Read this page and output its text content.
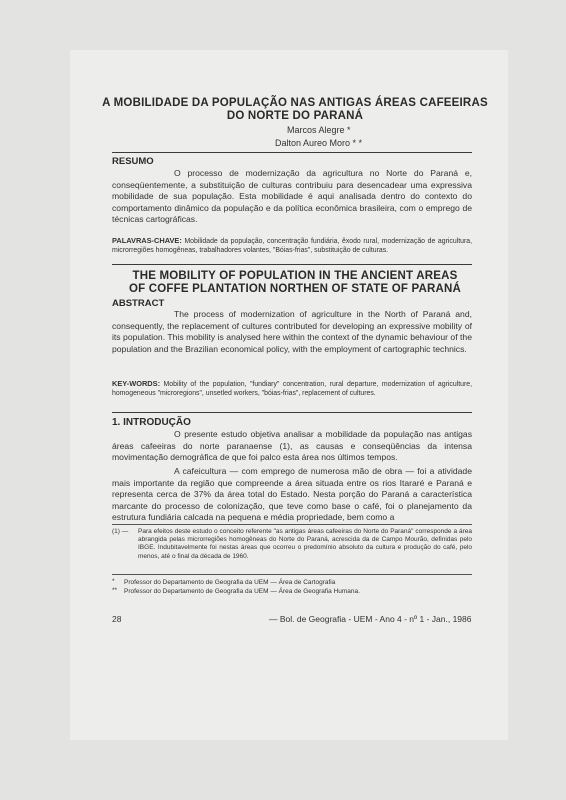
A MOBILIDADE DA POPULAÇÃO NAS ANTIGAS ÁREAS CAFEEIRAS
DO NORTE DO PARANÁ
Marcos Alegre *
Dalton Aureo Moro * *
RESUMO

O processo de modernização da agricultura no Norte do Paraná e, conseqüentemente, a substituição de culturas contribuiu para desencadear uma expressiva mobilidade de sua população. Esta mobilidade é aqui analisada dentro do contexto do comportamento dinâmico da população e da política econômica brasileira, com o emprego de técnicas cartográficas.

PALAVRAS-CHAVE: Mobilidade da população, concentração fundiária, êxodo rural, modernização de agricultura, microrregiões homogêneas, trabalhadores volantes, "Bóias-frias", substituição de culturas.

THE MOBILITY OF POPULATION IN THE ANCIENT AREAS
OF COFFE PLANTATION NORTHEN OF STATE OF PARANÁ
ABSTRACT

The process of modernization of agriculture in the North of Paraná and, consequently, the replacement of cultures contributed for developing an expressive mobility of its population. This mobility is analysed here within the context of the dynamic behaviour of the population and the Brazilian economical policy, with the employment of cartographic technics.

KEY-WORDS: Mobility of the population, "fundiary" concentration, rural departure, modernization of agriculture, homogeneous "microregions", unsetled workers, "bóias-frias", replacement of cultures.

1. INTRODUÇÃO

O presente estudo objetiva analisar a mobilidade da população nas antigas áreas cafeeiras do norte paranaense (1), as causas e conseqüências da intensa movimentação demográfica de que foi palco esta área nos últimos tempos.

A cafeicultura — com emprego de numerosa mão de obra — foi a atividade mais importante da região que compreende a área situada entre os rios Itararé e Paraná e representa cerca de 37% da área total do Estado. Nesta porção do Paraná a característica marcante do processo de colonização, que teve como base o café, foi o planejamento da estrutura fundiária calcada na pequena e média propriedade, bem como a

(1) — Para efeitos deste estudo o conceito referente "as antigas áreas cafeeiras do Norte do Paraná" corresponde a área abrangida pelas microrregiões homogêneas do Norte do Paraná, acrescida da de Campo Mourão, definidas pelo IBGE. Indubitavelmente foi nestas áreas que ocorreu o predomínio absoluto da cultura e produção do café, pelo menos, até o final da década de 1960.
* Professor do Departamento de Geografia da UEM — Área de Cartografia
** Professor do Departamento de Geografia da UEM — Área de Geografia Humana.
28	— Bol. de Geografia - UEM - Ano 4 - nº 1 - Jan., 1986
